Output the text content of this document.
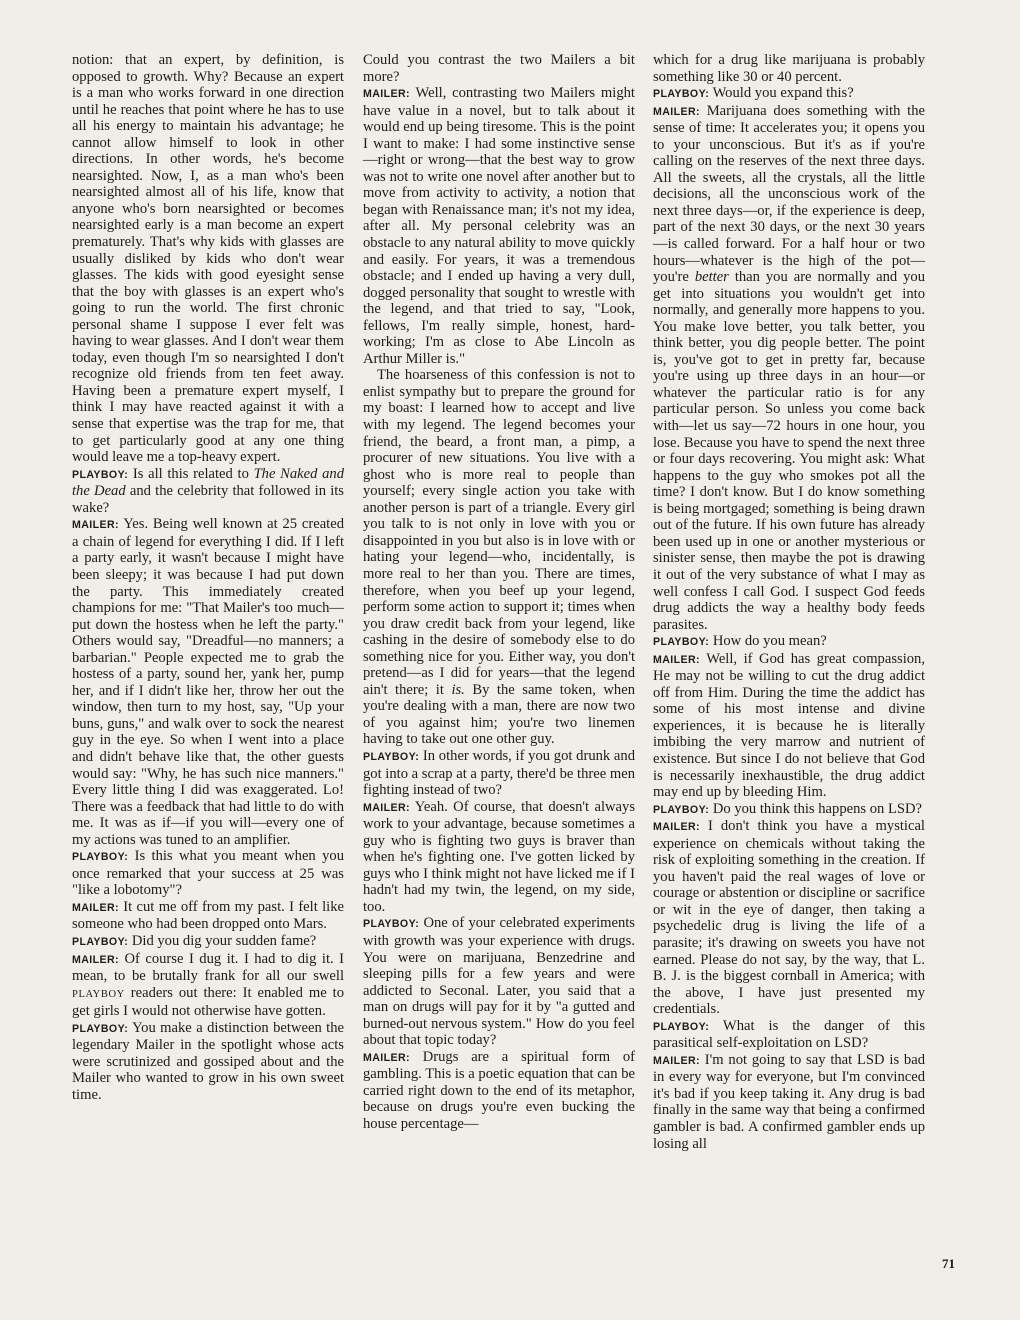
notion: that an expert, by definition, is opposed to growth. Why? Because an expert is a man who works forward in one direction until he reaches that point where he has to use all his energy to maintain his advantage; he cannot allow himself to look in other directions. In other words, he's become nearsighted. Now, I, as a man who's been nearsighted almost all of his life, know that anyone who's born nearsighted or becomes nearsighted early is a man become an expert prematurely. That's why kids with glasses are usually disliked by kids who don't wear glasses. The kids with good eyesight sense that the boy with glasses is an expert who's going to run the world. The first chronic personal shame I suppose I ever felt was having to wear glasses. And I don't wear them today, even though I'm so nearsighted I don't recognize old friends from ten feet away. Having been a premature expert myself, I think I may have reacted against it with a sense that expertise was the trap for me, that to get particularly good at any one thing would leave me a top-heavy expert.

PLAYBOY: Is all this related to The Naked and the Dead and the celebrity that followed in its wake?

MAILER: Yes. Being well known at 25 created a chain of legend for everything I did. If I left a party early, it wasn't because I might have been sleepy; it was because I had put down the party. This immediately created champions for me: "That Mailer's too much—put down the hostess when he left the party." Others would say, "Dreadful—no manners; a barbarian." People expected me to grab the hostess of a party, sound her, yank her, pump her, and if I didn't like her, throw her out the window, then turn to my host, say, "Up your buns, guns," and walk over to sock the nearest guy in the eye. So when I went into a place and didn't behave like that, the other guests would say: "Why, he has such nice manners." Every little thing I did was exaggerated. Lo! There was a feedback that had little to do with me. It was as if—if you will—every one of my actions was tuned to an amplifier.

PLAYBOY: Is this what you meant when you once remarked that your success at 25 was "like a lobotomy"?

MAILER: It cut me off from my past. I felt like someone who had been dropped onto Mars.

PLAYBOY: Did you dig your sudden fame?

MAILER: Of course I dug it. I had to dig it. I mean, to be brutally frank for all our swell PLAYBOY readers out there: It enabled me to get girls I would not otherwise have gotten.

PLAYBOY: You make a distinction between the legendary Mailer in the spotlight whose acts were scrutinized and gossiped about and the Mailer who wanted to grow in his own sweet time.

Could you contrast the two Mailers a bit more?

MAILER: Well, contrasting two Mailers might have value in a novel, but to talk about it would end up being tiresome. This is the point I want to make: I had some instinctive sense—right or wrong—that the best way to grow was not to write one novel after another but to move from activity to activity, a notion that began with Renaissance man; it's not my idea, after all. My personal celebrity was an obstacle to any natural ability to move quickly and easily. For years, it was a tremendous obstacle; and I ended up having a very dull, dogged personality that sought to wrestle with the legend, and that tried to say, "Look, fellows, I'm really simple, honest, hard-working; I'm as close to Abe Lincoln as Arthur Miller is."

The hoarseness of this confession is not to enlist sympathy but to prepare the ground for my boast: I learned how to accept and live with my legend. The legend becomes your friend, the beard, a front man, a pimp, a procurer of new situations. You live with a ghost who is more real to people than yourself; every single action you take with another person is part of a triangle. Every girl you talk to is not only in love with you or disappointed in you but also is in love with or hating your legend—who, incidentally, is more real to her than you. There are times, therefore, when you beef up your legend, perform some action to support it; times when you draw credit back from your legend, like cashing in the desire of somebody else to do something nice for you. Either way, you don't pretend—as I did for years—that the legend ain't there; it is. By the same token, when you're dealing with a man, there are now two of you against him; you're two linemen having to take out one other guy.

PLAYBOY: In other words, if you got drunk and got into a scrap at a party, there'd be three men fighting instead of two?

MAILER: Yeah. Of course, that doesn't always work to your advantage, because sometimes a guy who is fighting two guys is braver than when he's fighting one. I've gotten licked by guys who I think might not have licked me if I hadn't had my twin, the legend, on my side, too.

PLAYBOY: One of your celebrated experiments with growth was your experience with drugs. You were on marijuana, Benzedrine and sleeping pills for a few years and were addicted to Seconal. Later, you said that a man on drugs will pay for it by "a gutted and burned-out nervous system." How do you feel about that topic today?

MAILER: Drugs are a spiritual form of gambling. This is a poetic equation that can be carried right down to the end of its metaphor, because on drugs you're even bucking the house percentage—

which for a drug like marijuana is probably something like 30 or 40 percent.

PLAYBOY: Would you expand this?

MAILER: Marijuana does something with the sense of time: It accelerates you; it opens you to your unconscious. But it's as if you're calling on the reserves of the next three days. All the sweets, all the crystals, all the little decisions, all the unconscious work of the next three days—or, if the experience is deep, part of the next 30 days, or the next 30 years—is called forward. For a half hour or two hours—whatever is the high of the pot—you're better than you are normally and you get into situations you wouldn't get into normally, and generally more happens to you. You make love better, you talk better, you think better, you dig people better. The point is, you've got to get in pretty far, because you're using up three days in an hour—or whatever the particular ratio is for any particular person. So unless you come back with—let us say—72 hours in one hour, you lose. Because you have to spend the next three or four days recovering. You might ask: What happens to the guy who smokes pot all the time? I don't know. But I do know something is being mortgaged; something is being drawn out of the future. If his own future has already been used up in one or another mysterious or sinister sense, then maybe the pot is drawing it out of the very substance of what I may as well confess I call God. I suspect God feeds drug addicts the way a healthy body feeds parasites.

PLAYBOY: How do you mean?

MAILER: Well, if God has great compassion, He may not be willing to cut the drug addict off from Him. During the time the addict has some of his most intense and divine experiences, it is because he is literally imbibing the very marrow and nutrient of existence. But since I do not believe that God is necessarily inexhaustible, the drug addict may end up by bleeding Him.

PLAYBOY: Do you think this happens on LSD?

MAILER: I don't think you have a mystical experience on chemicals without taking the risk of exploiting something in the creation. If you haven't paid the real wages of love or courage or abstention or discipline or sacrifice or wit in the eye of danger, then taking a psychedelic drug is living the life of a parasite; it's drawing on sweets you have not earned. Please do not say, by the way, that L. B. J. is the biggest cornball in America; with the above, I have just presented my credentials.

PLAYBOY: What is the danger of this parasitical self-exploitation on LSD?

MAILER: I'm not going to say that LSD is bad in every way for everyone, but I'm convinced it's bad if you keep taking it. Any drug is bad finally in the same way that being a confirmed gambler is bad. A confirmed gambler ends up losing all

71
